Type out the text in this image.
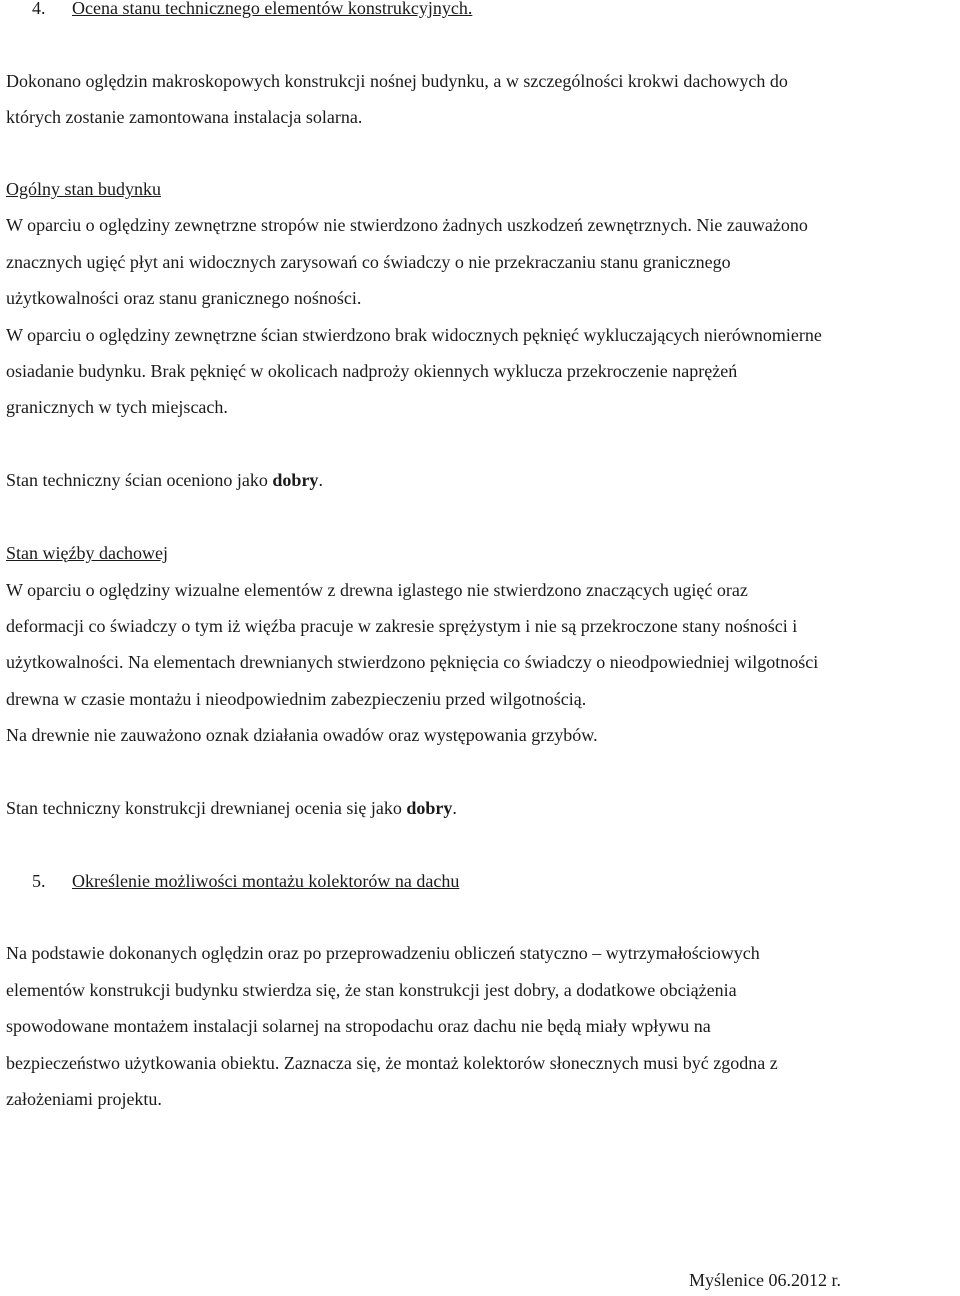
4. Ocena stanu technicznego elementów konstrukcyjnych.
Dokonano oględzin makroskopowych konstrukcji nośnej budynku, a w szczególności krokwi dachowych do
których zostanie zamontowana instalacja solarna.
Ogólny stan budynku
W oparciu o oględziny zewnętrzne stropów nie stwierdzono żadnych uszkodzeń zewnętrznych. Nie zauważono
znacznych ugięć płyt ani widocznych zarysowań co świadczy o nie przekraczaniu stanu granicznego
użytkowalności oraz stanu granicznego nośności.
W oparciu o oględziny zewnętrzne ścian stwierdzono brak widocznych pęknięć wykluczających nierównomierne
osiadanie budynku. Brak pęknięć w okolicach nadproży okiennych wyklucza przekroczenie naprężeń
granicznych w tych miejscach.
Stan techniczny ścian oceniono jako dobry.
Stan więźby dachowej
W oparciu o oględziny wizualne elementów z drewna iglastego nie stwierdzono znaczących ugięć oraz
deformacji co świadczy o tym iż więźba pracuje w zakresie sprężystym i nie są przekroczone stany nośności i
użytkowalności. Na elementach drewnianych stwierdzono pęknięcia co świadczy o nieodpowiedniej wilgotności
drewna w czasie montażu i nieodpowiednim zabezpieczeniu przed wilgotnością.
Na drewnie nie zauważono oznak działania owadów oraz występowania grzybów.
Stan techniczny konstrukcji drewnianej ocenia się jako dobry.
5. Określenie możliwości montażu kolektorów na dachu
Na podstawie dokonanych oględzin oraz po przeprowadzeniu obliczeń statyczno – wytrzymałościowych
elementów konstrukcji budynku stwierdza się, że stan konstrukcji jest dobry, a dodatkowe obciążenia
spowodowane montażem instalacji solarnej na stropodachu oraz dachu nie będą miały wpływu na
bezpieczeństwo użytkowania obiektu. Zaznacza się, że montaż kolektorów słonecznych musi być zgodna z
założeniami projektu.
Myślenice 06.2012 r.
